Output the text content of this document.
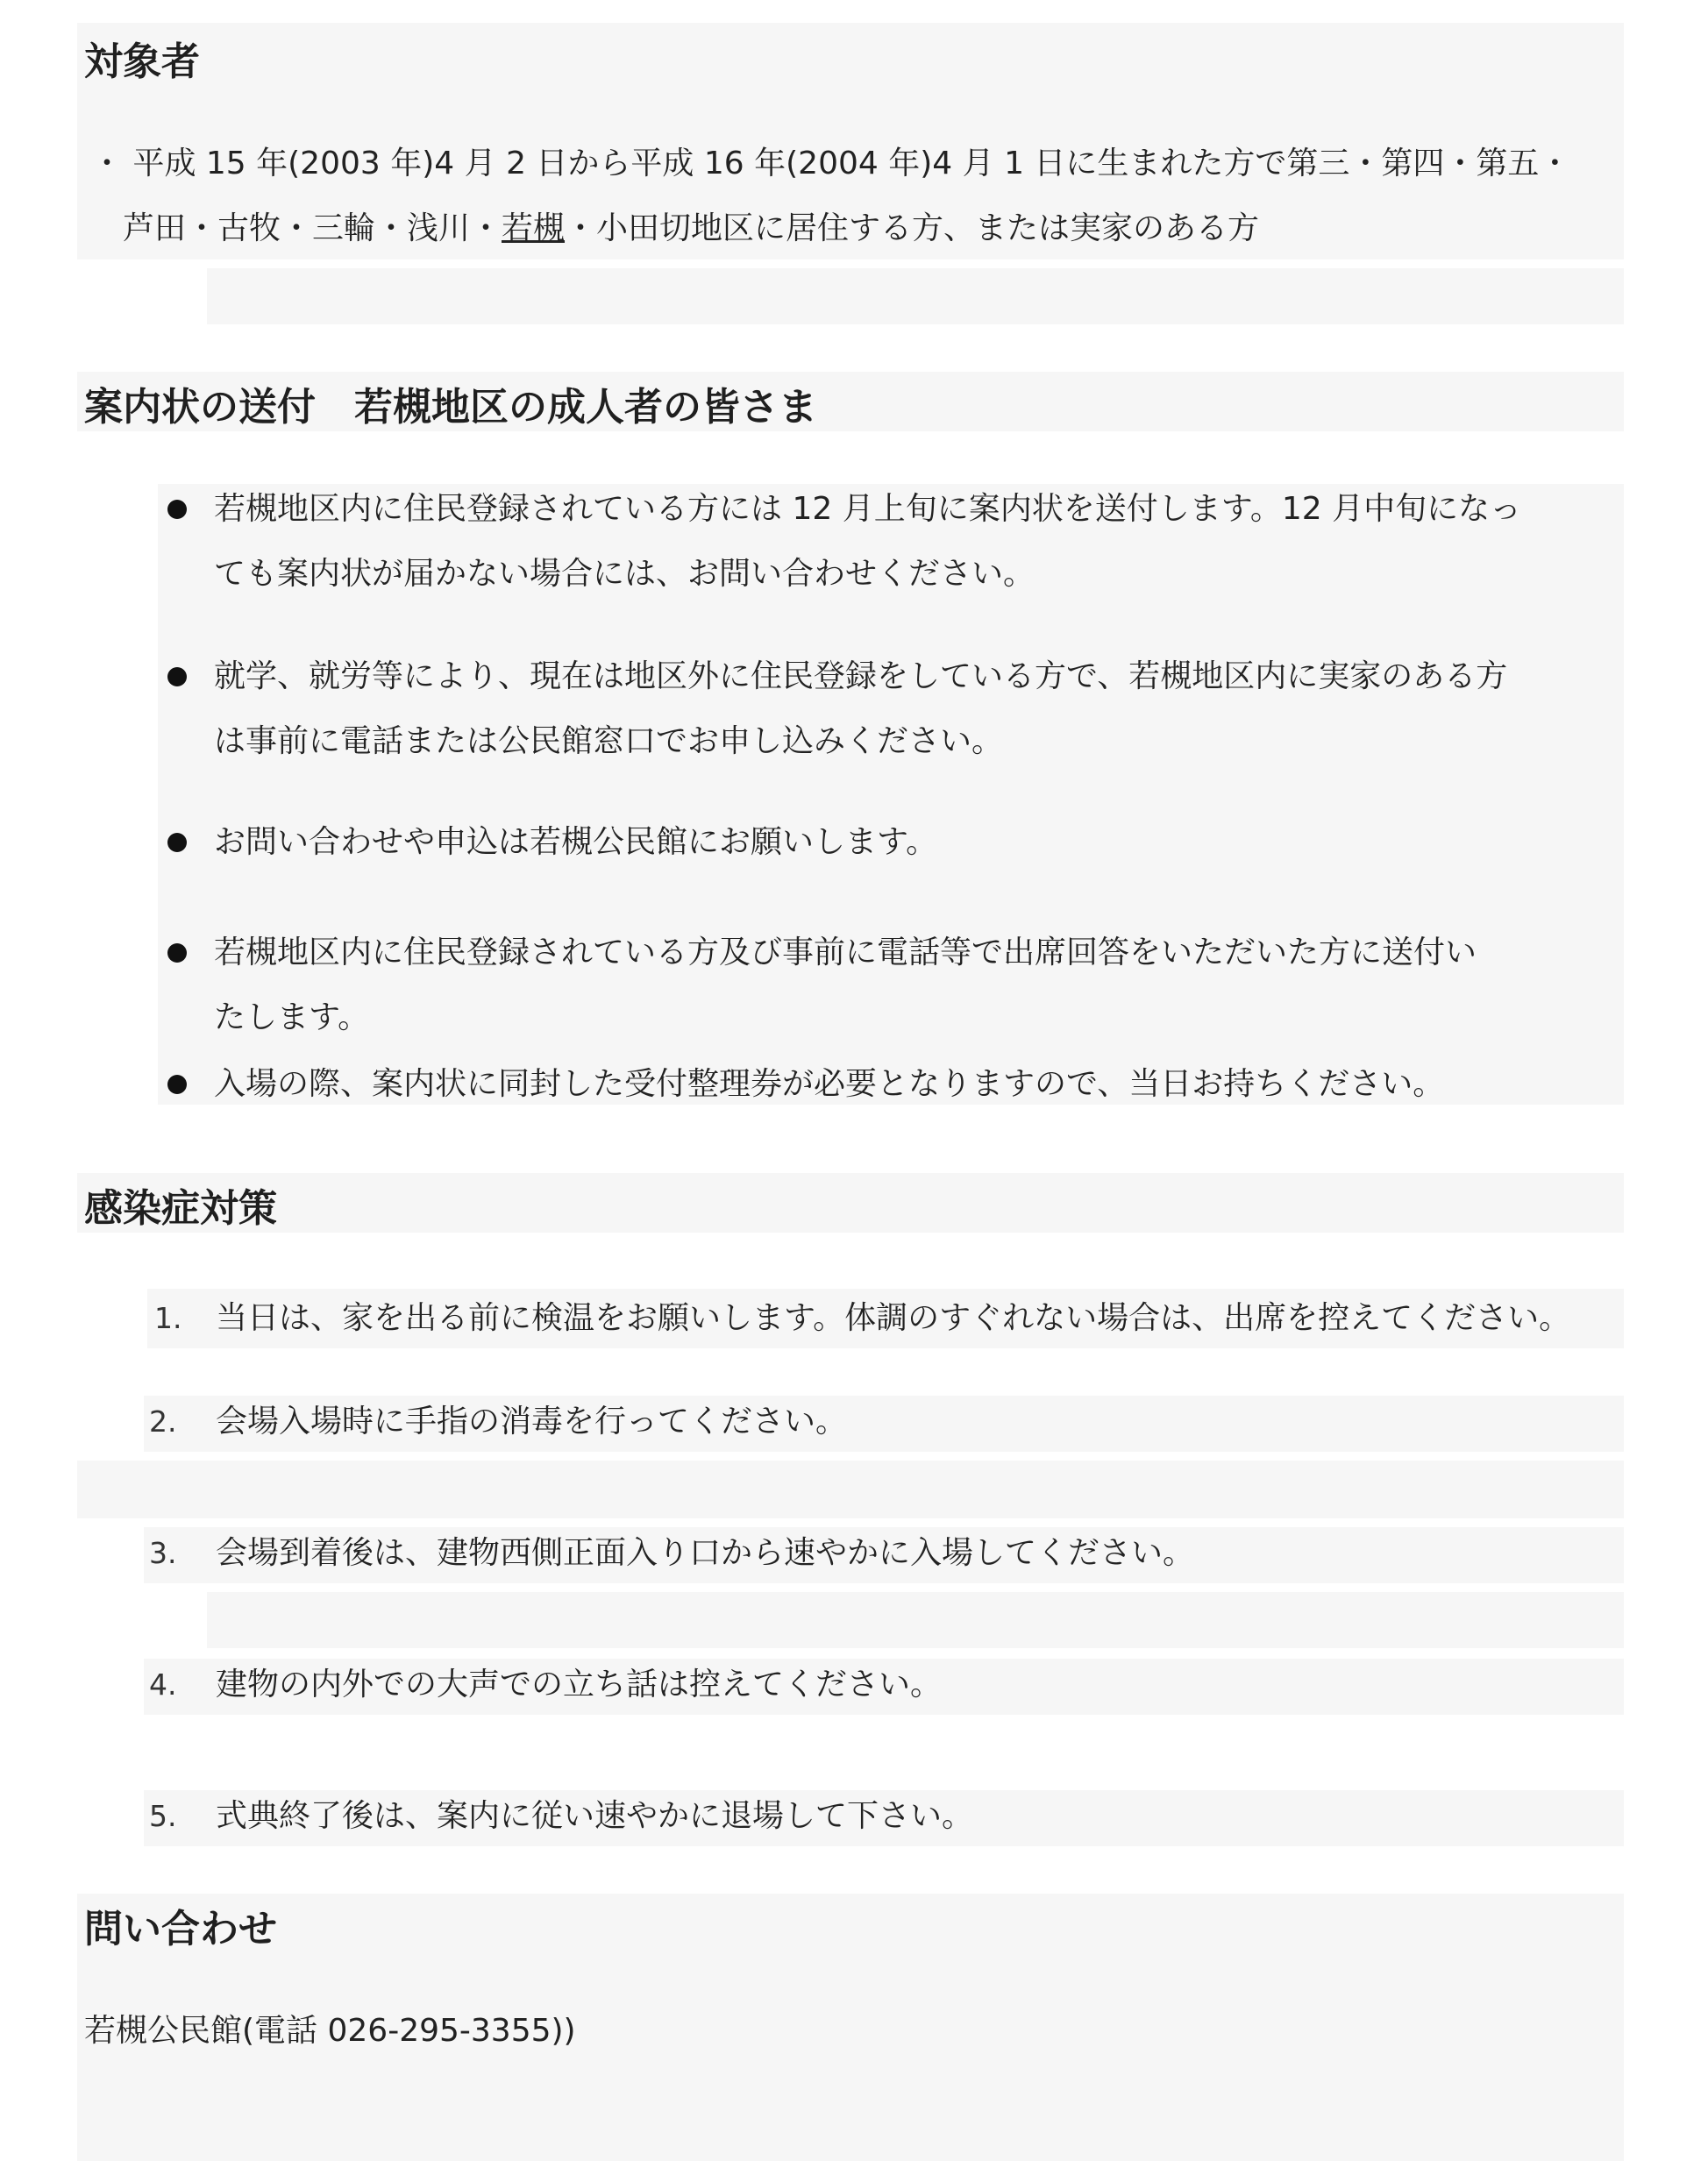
対象者
・ 平成 15 年(2003 年)4 月 2 日から平成 16 年(2004 年)4 月 1 日に生まれた方で第三・第四・第五・
芦田・古牧・三輪・浅川・若槻・小田切地区に居住する方、または実家のある方
案内状の送付　若槻地区の成人者の皆さま
若槻地区内に住民登録されている方には 12 月上旬に案内状を送付します。12 月中旬になっ
ても案内状が届かない場合には、お問い合わせください。
就学、就労等により、現在は地区外に住民登録をしている方で、若槻地区内に実家のある方
は事前に電話または公民館窓口でお申し込みください。
お問い合わせや申込は若槻公民館にお願いします。
若槻地区内に住民登録されている方及び事前に電話等で出席回答をいただいた方に送付い
たします。
入場の際、案内状に同封した受付整理券が必要となりますので、当日お持ちください。
感染症対策
1. 当日は、家を出る前に検温をお願いします。体調のすぐれない場合は、出席を控えてください。
2. 会場入場時に手指の消毒を行ってください。
3. 会場到着後は、建物西側正面入り口から速やかに入場してください。
4. 建物の内外での大声での立ち話は控えてください。
5. 式典終了後は、案内に従い速やかに退場して下さい。
問い合わせ
若槻公民館(電話 026-295-3355))
